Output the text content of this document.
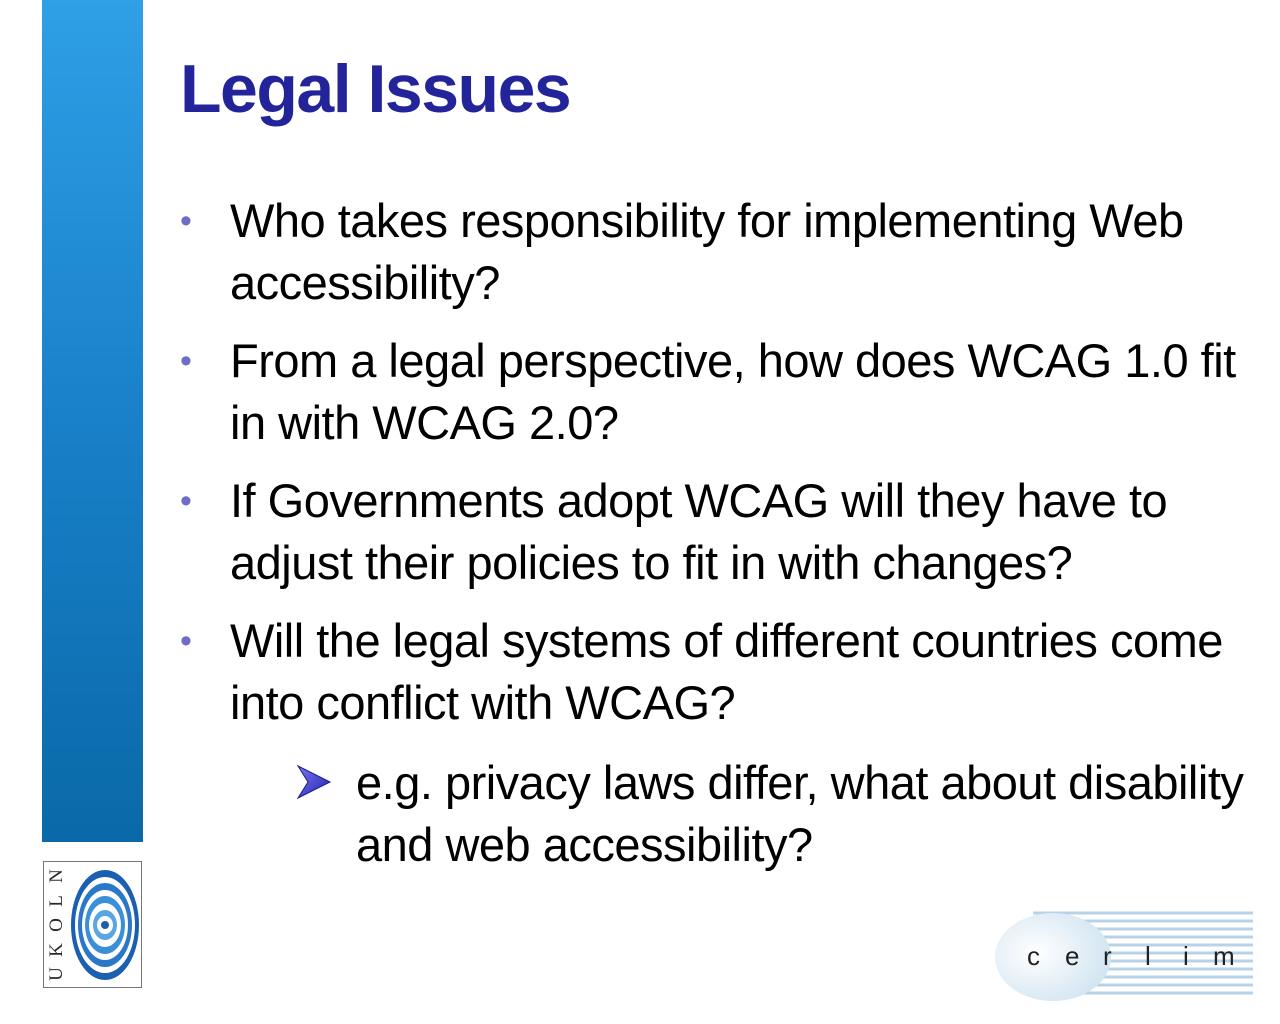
Legal Issues
• Who takes responsibility for implementing Web accessibility?
• From a legal perspective, how does WCAG 1.0 fit in with WCAG 2.0?
• If Governments adopt WCAG will they have to adjust their policies to fit in with changes?
• Will the legal systems of different countries come into conflict with WCAG?
e.g. privacy laws differ, what about disability and web accessibility?
N
L
O
K
U
c e r l i m
